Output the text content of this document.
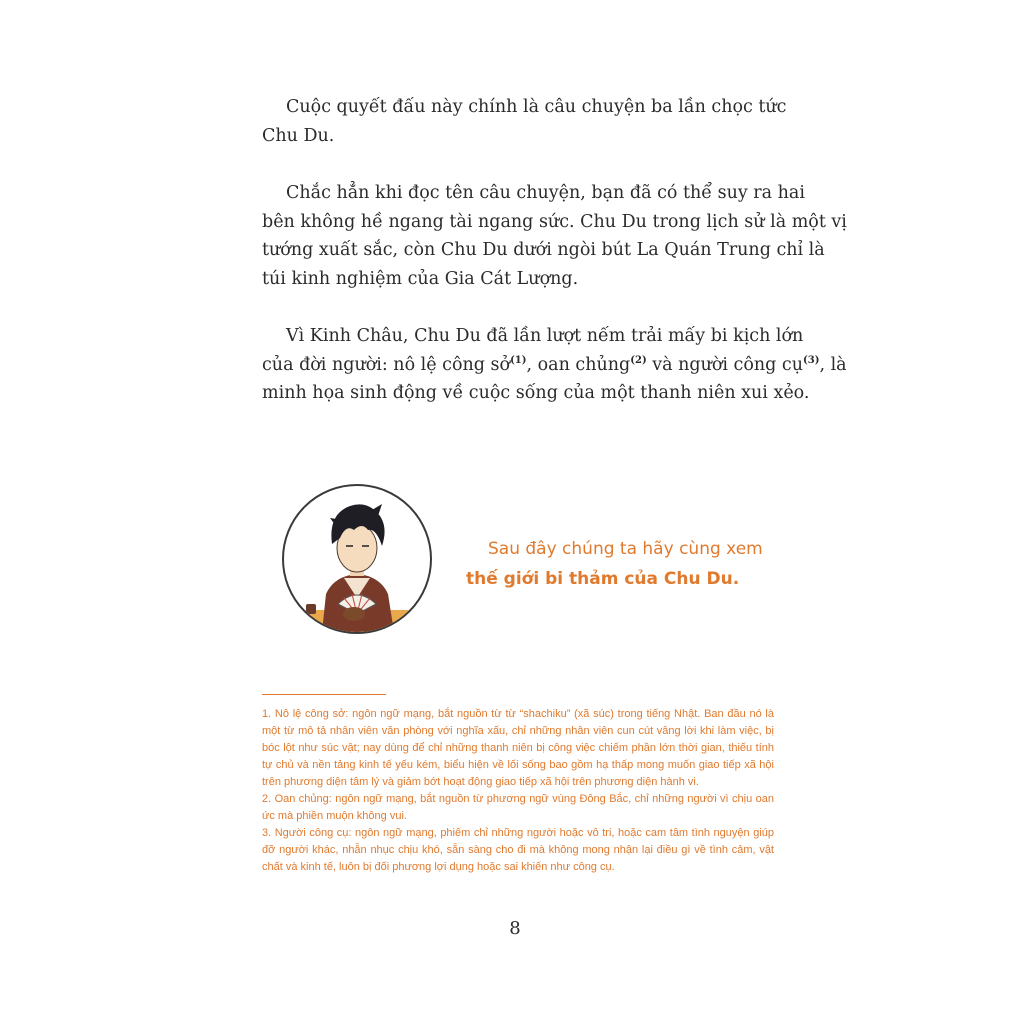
Cuộc quyết đấu này chính là câu chuyện ba lần chọc tức
Chu Du.

Chắc hẳn khi đọc tên câu chuyện, bạn đã có thể suy ra hai
bên không hề ngang tài ngang sức. Chu Du trong lịch sử là một vị
tướng xuất sắc, còn Chu Du dưới ngòi bút La Quán Trung chỉ là
túi kinh nghiệm của Gia Cát Lượng.

Vì Kinh Châu, Chu Du đã lần lượt nếm trải mấy bi kịch lớn
của đời người: nô lệ công sở$^{(1)}$, oan chủng$^{(2)}$ và người công cụ$^{(3)}$, là
minh họa sinh động về cuộc sống của một thanh niên xui xẻo.

Sau đây chúng ta hãy cùng xem
thế giới bi thảm của Chu Du.

1. Nô lệ công sở: ngôn ngữ mạng, bắt nguồn từ từ “shachiku” (xã súc) trong tiếng Nhật. Ban đầu nó là một từ mô tả nhân viên văn phòng với nghĩa xấu, chỉ những nhân viên cun cút vâng lời khi làm việc, bị bóc lột như súc vật; nay dùng để chỉ những thanh niên bị công việc chiếm phần lớn thời gian, thiếu tính tự chủ và nền tảng kinh tế yếu kém, biểu hiện về lối sống bao gồm hạ thấp mong muốn giao tiếp xã hội trên phương diện tâm lý và giảm bớt hoạt động giao tiếp xã hội trên phương diện hành vi.

2. Oan chủng: ngôn ngữ mạng, bắt nguồn từ phương ngữ vùng Đông Bắc, chỉ những người vì chịu oan ức mà phiền muộn không vui.

3. Người công cụ: ngôn ngữ mạng, phiếm chỉ những người hoặc vô tri, hoặc cam tâm tình nguyện giúp đỡ người khác, nhẫn nhục chịu khó, sẵn sàng cho đi mà không mong nhận lại điều gì về tình cảm, vật chất và kinh tế, luôn bị đối phương lợi dụng hoặc sai khiến như công cụ.

8
